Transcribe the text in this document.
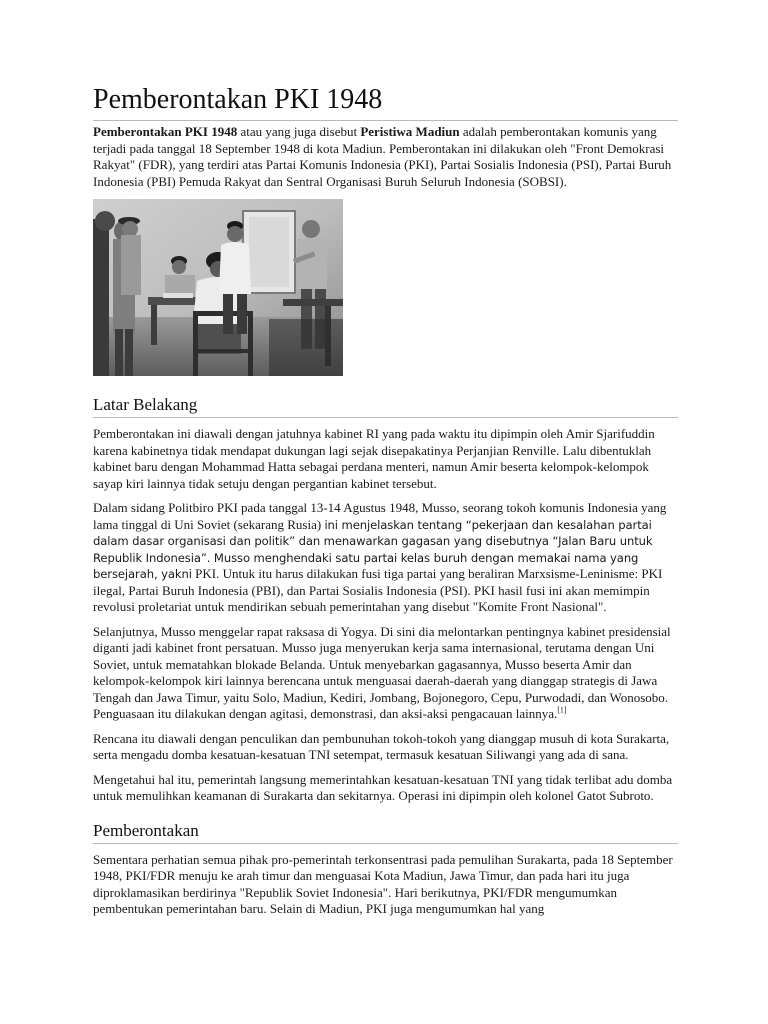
Pemberontakan PKI 1948

Pemberontakan PKI 1948 atau yang juga disebut Peristiwa Madiun adalah pemberontakan komunis yang terjadi pada tanggal 18 September 1948 di kota Madiun. Pemberontakan ini dilakukan oleh "Front Demokrasi Rakyat" (FDR), yang terdiri atas Partai Komunis Indonesia (PKI), Partai Sosialis Indonesia (PSI), Partai Buruh Indonesia (PBI) Pemuda Rakyat dan Sentral Organisasi Buruh Seluruh Indonesia (SOBSI).

Latar Belakang

Pemberontakan ini diawali dengan jatuhnya kabinet RI yang pada waktu itu dipimpin oleh Amir Sjarifuddin karena kabinetnya tidak mendapat dukungan lagi sejak disepakatinya Perjanjian Renville. Lalu dibentuklah kabinet baru dengan Mohammad Hatta sebagai perdana menteri, namun Amir beserta kelompok-kelompok sayap kiri lainnya tidak setuju dengan pergantian kabinet tersebut.

Dalam sidang Politbiro PKI pada tanggal 13-14 Agustus 1948, Musso, seorang tokoh komunis Indonesia yang lama tinggal di Uni Soviet (sekarang Rusia) ini menjelaskan tentang “pekerjaan dan kesalahan partai dalam dasar organisasi dan politik” dan menawarkan gagasan yang disebutnya “Jalan Baru untuk Republik Indonesia”. Musso menghendaki satu partai kelas buruh dengan memakai nama yang bersejarah, yakni PKI. Untuk itu harus dilakukan fusi tiga partai yang beraliran Marxsisme-Leninisme: PKI ilegal, Partai Buruh Indonesia (PBI), dan Partai Sosialis Indonesia (PSI). PKI hasil fusi ini akan memimpin revolusi proletariat untuk mendirikan sebuah pemerintahan yang disebut "Komite Front Nasional".

Selanjutnya, Musso menggelar rapat raksasa di Yogya. Di sini dia melontarkan pentingnya kabinet presidensial diganti jadi kabinet front persatuan. Musso juga menyerukan kerja sama internasional, terutama dengan Uni Soviet, untuk mematahkan blokade Belanda. Untuk menyebarkan gagasannya, Musso beserta Amir dan kelompok-kelompok kiri lainnya berencana untuk menguasai daerah-daerah yang dianggap strategis di Jawa Tengah dan Jawa Timur, yaitu Solo, Madiun, Kediri, Jombang, Bojonegoro, Cepu, Purwodadi, dan Wonosobo. Penguasaan itu dilakukan dengan agitasi, demonstrasi, dan aksi-aksi pengacauan lainnya.[1]

Rencana itu diawali dengan penculikan dan pembunuhan tokoh-tokoh yang dianggap musuh di kota Surakarta, serta mengadu domba kesatuan-kesatuan TNI setempat, termasuk kesatuan Siliwangi yang ada di sana.

Mengetahui hal itu, pemerintah langsung memerintahkan kesatuan-kesatuan TNI yang tidak terlibat adu domba untuk memulihkan keamanan di Surakarta dan sekitarnya. Operasi ini dipimpin oleh kolonel Gatot Subroto.

Pemberontakan

Sementara perhatian semua pihak pro-pemerintah terkonsentrasi pada pemulihan Surakarta, pada 18 September 1948, PKI/FDR menuju ke arah timur dan menguasai Kota Madiun, Jawa Timur, dan pada hari itu juga diproklamasikan berdirinya "Republik Soviet Indonesia". Hari berikutnya, PKI/FDR mengumumkan pembentukan pemerintahan baru. Selain di Madiun, PKI juga mengumumkan hal yang
